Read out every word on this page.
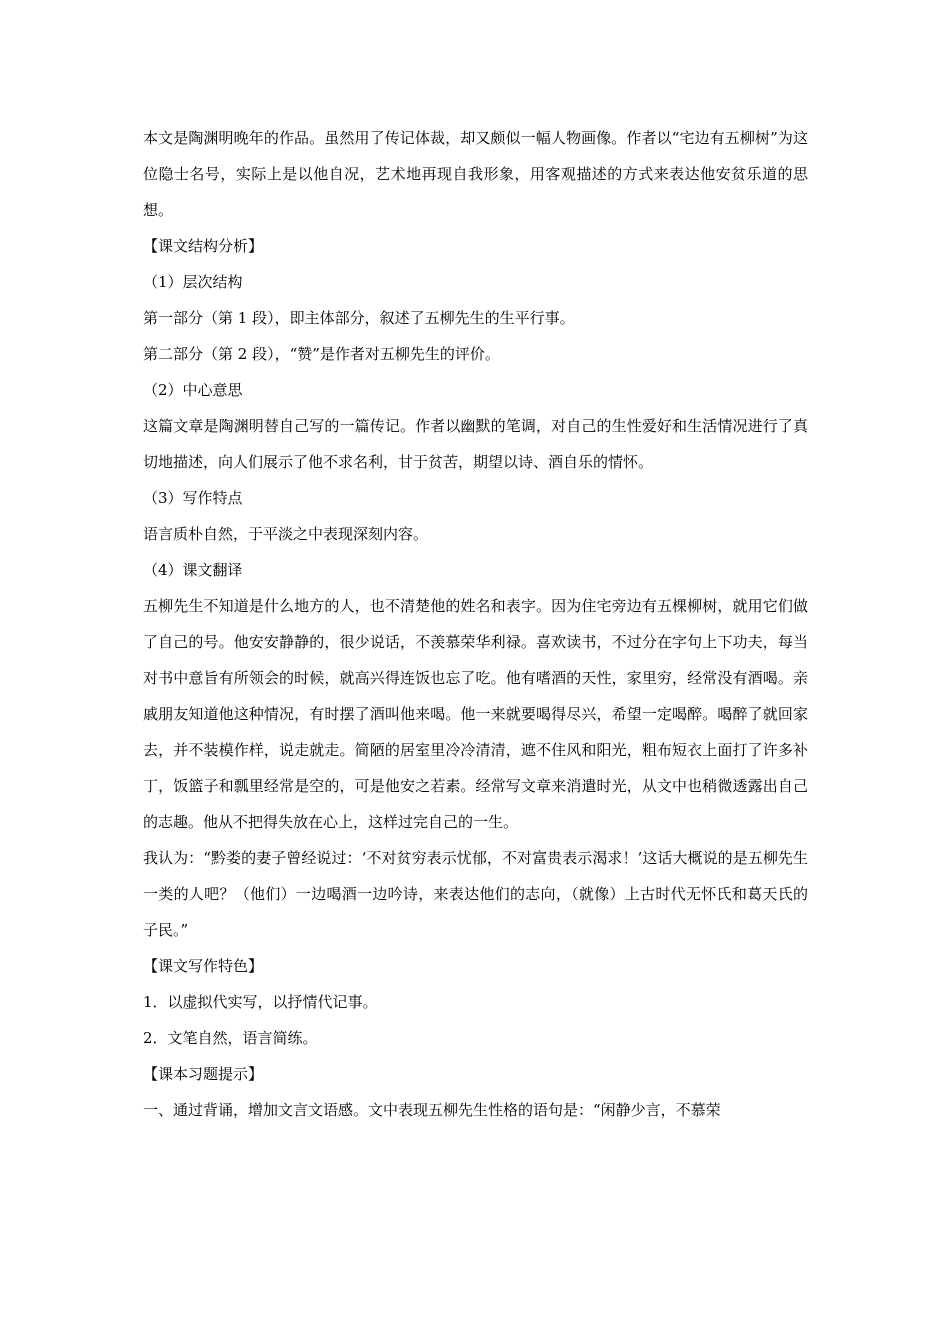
本文是陶渊明晚年的作品。虽然用了传记体裁，却又颇似一幅人物画像。作者以“宅边有五柳树”为这位隐士名号，实际上是以他自况，艺术地再现自我形象，用客观描述的方式来表达他安贫乐道的思想。

【课文结构分析】

（1）层次结构

第一部分（第 1 段），即主体部分，叙述了五柳先生的生平行事。

第二部分（第 2 段），“赞”是作者对五柳先生的评价。

（2）中心意思

这篇文章是陶渊明替自己写的一篇传记。作者以幽默的笔调，对自己的生性爱好和生活情况进行了真切地描述，向人们展示了他不求名利，甘于贫苦，期望以诗、酒自乐的情怀。

（3）写作特点

语言质朴自然，于平淡之中表现深刻内容。

（4）课文翻译

五柳先生不知道是什么地方的人，也不清楚他的姓名和表字。因为住宅旁边有五棵柳树，就用它们做了自己的号。他安安静静的，很少说话，不羡慕荣华利禄。喜欢读书，不过分在字句上下功夫，每当对书中意旨有所领会的时候，就高兴得连饭也忘了吃。他有嗜酒的天性，家里穷，经常没有酒喝。亲戚朋友知道他这种情况，有时摆了酒叫他来喝。他一来就要喝得尽兴，希望一定喝醉。喝醉了就回家去，并不装模作样，说走就走。简陋的居室里冷冷清清，遮不住风和阳光，粗布短衣上面打了许多补丁，饭篮子和瓢里经常是空的，可是他安之若素。经常写文章来消遣时光，从文中也稍微透露出自己的志趣。他从不把得失放在心上，这样过完自己的一生。

我认为：“黔娄的妻子曾经说过：‘不对贫穷表示忧郁，不对富贵表示渴求！’这话大概说的是五柳先生一类的人吧？（他们）一边喝酒一边吟诗，来表达他们的志向，（就像）上古时代无怀氏和葛天氏的子民。”

【课文写作特色】

1．以虚拟代实写，以抒情代记事。

2．文笔自然，语言简练。

【课本习题提示】

一、通过背诵，增加文言文语感。文中表现五柳先生性格的语句是：“闲静少言，不慕荣
